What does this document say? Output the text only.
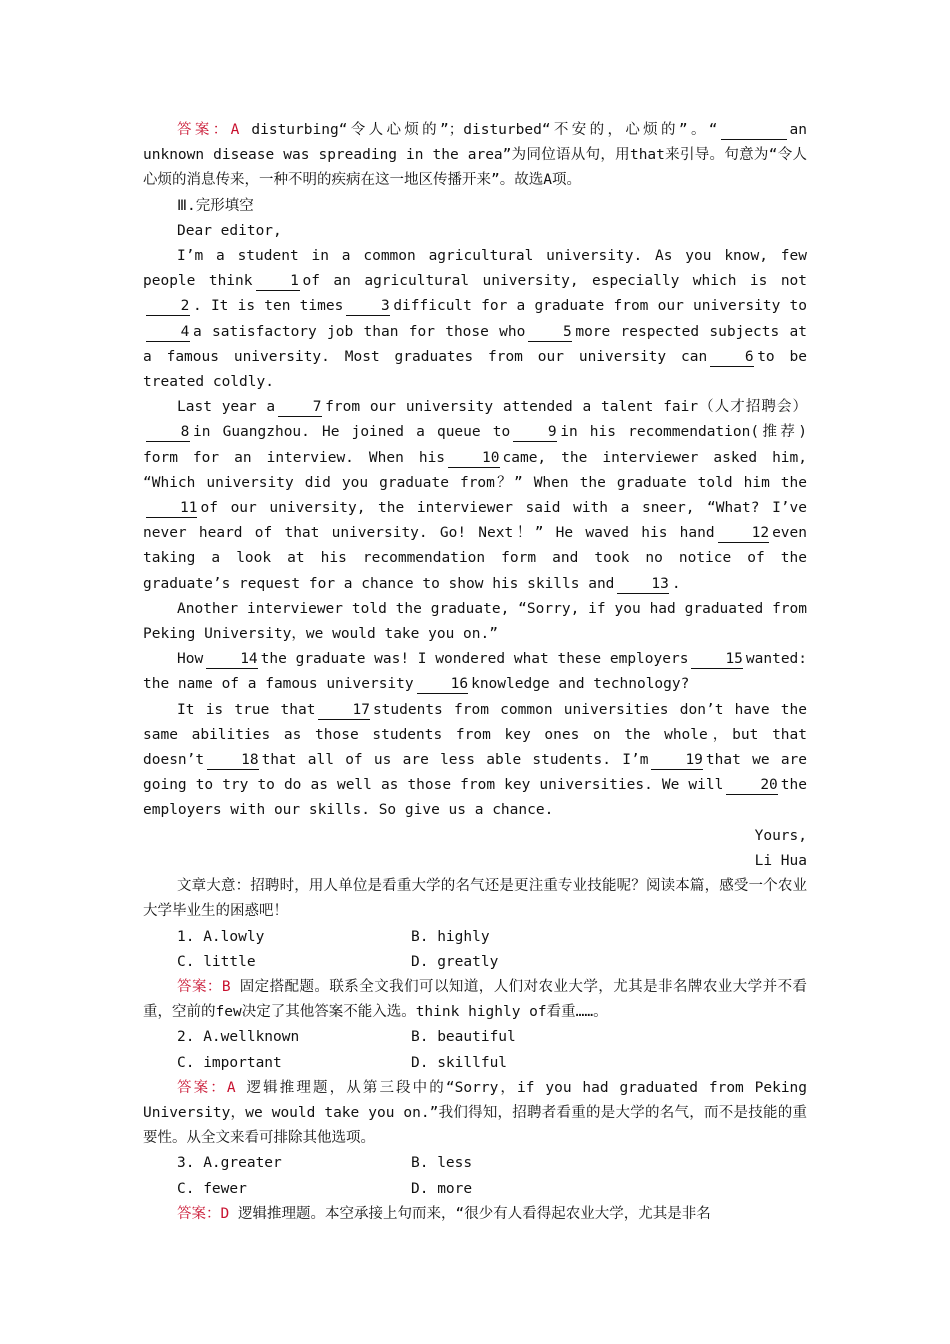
答案：A disturbing“令人心烦的”；disturbed“不安的，心烦的”。“	an unknown disease was spreading in the area”为同位语从句，用that来引导。句意为“令人心烦的消息传来，一种不明的疾病在这一地区传播开来”。故选A项。

Ⅲ.完形填空

Dear editor,

I’m a student in a common agricultural university. As you know, few people think	1 of an agricultural university, especially which is not2 . It is ten times	3 difficult for a graduate from our university to4 a satisfactory job than for those who	5 more respected subjects at a famous university. Most graduates from our university can	6 to be treated coldly.

Last year a	7 from our university attended a talent fair（人才招聘会）8 in Guangzhou. He joined a queue to	9 in his recommendation(推荐) form for an interview. When his	10 came, the interviewer asked him, “Which university did you graduate from？” When the graduate told him the11 of our university, the interviewer said with a sneer, “What? I’ve never heard of that university. Go! Next！” He waved his hand	12 even taking a look at his recommendation form and took no notice of the graduate’s request for a chance to show his skills and	13 .

Another interviewer told the graduate, “Sorry, if you had graduated from Peking University，we would take you on.”

How	14 the graduate was! I wondered what these employers	15 wanted: the name of a famous university	16 knowledge and technology?

It is true that	17 students from common universities don’t have the same abilities as those students from key ones on the whole，but that doesn’t	18 that all of us are less able students. I’m	19 that we are going to try to do as well as those from key universities. We will	20 the employers with our skills. So give us a chance.

Yours,

Li Hua

文章大意：招聘时，用人单位是看重大学的名气还是更注重专业技能呢？阅读本篇，感受一个农业大学毕业生的困惑吧！

1. A.lowly	B. highly
C. little	D. greatly

答案：B 固定搭配题。联系全文我们可以知道，人们对农业大学，尤其是非名牌农业大学并不看重，空前的few决定了其他答案不能入选。think highly of看重……。

2. A.wellknown	B. beautiful
C. important	D. skillful

答案：A 逻辑推理题，从第三段中的“Sorry，if you had graduated from Peking University，we would take you on.”我们得知，招聘者看重的是大学的名气，而不是技能的重要性。从全文来看可排除其他选项。

3. A.greater	B. less
C. fewer	D. more

答案：D 逻辑推理题。本空承接上句而来，“很少有人看得起农业大学，尤其是非名
